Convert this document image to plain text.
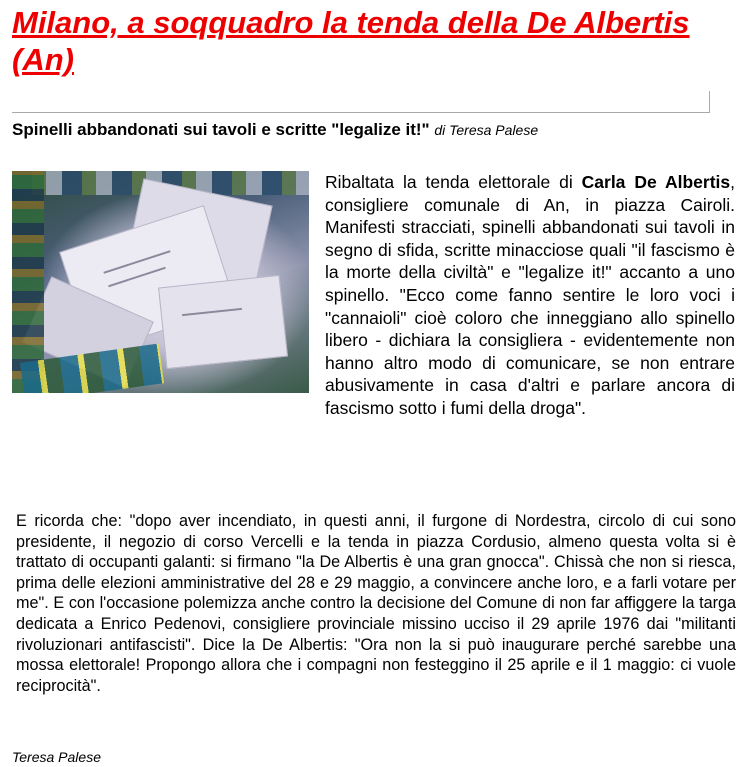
Milano, a soqquadro la tenda della De Albertis (An)
Spinelli abbandonati sui tavoli e scritte "legalize it!" di Teresa Palese

Ribaltata la tenda elettorale di Carla De Albertis, consigliere comunale di An, in piazza Cairoli. Manifesti stracciati, spinelli abbandonati sui tavoli in segno di sfida, scritte minacciose quali "il fascismo è la morte della civiltà" e "legalize it!" accanto a uno spinello. "Ecco come fanno sentire le loro voci i "cannaioli" cioè coloro che inneggiano allo spinello libero - dichiara la consigliera - evidentemente non hanno altro modo di comunicare, se non entrare abusivamente in casa d'altri e parlare ancora di fascismo sotto i fumi della droga".

E ricorda che: "dopo aver incendiato, in questi anni, il furgone di Nordestra, circolo di cui sono presidente, il negozio di corso Vercelli e la tenda in piazza Cordusio, almeno questa volta si è trattato di occupanti galanti: si firmano "la De Albertis è una gran gnocca". Chissà che non si riesca, prima delle elezioni amministrative del 28 e 29 maggio, a convincere anche loro, e a farli votare per me". E con l'occasione polemizza anche contro la decisione del Comune di non far affiggere la targa dedicata a Enrico Pedenovi, consigliere provinciale missino ucciso il 29 aprile 1976 dai "militanti rivoluzionari antifascisti". Dice la De Albertis: "Ora non la si può inaugurare perché sarebbe una mossa elettorale! Propongo allora che i compagni non festeggino il 25 aprile e il 1 maggio: ci vuole reciprocità".

Teresa Palese
